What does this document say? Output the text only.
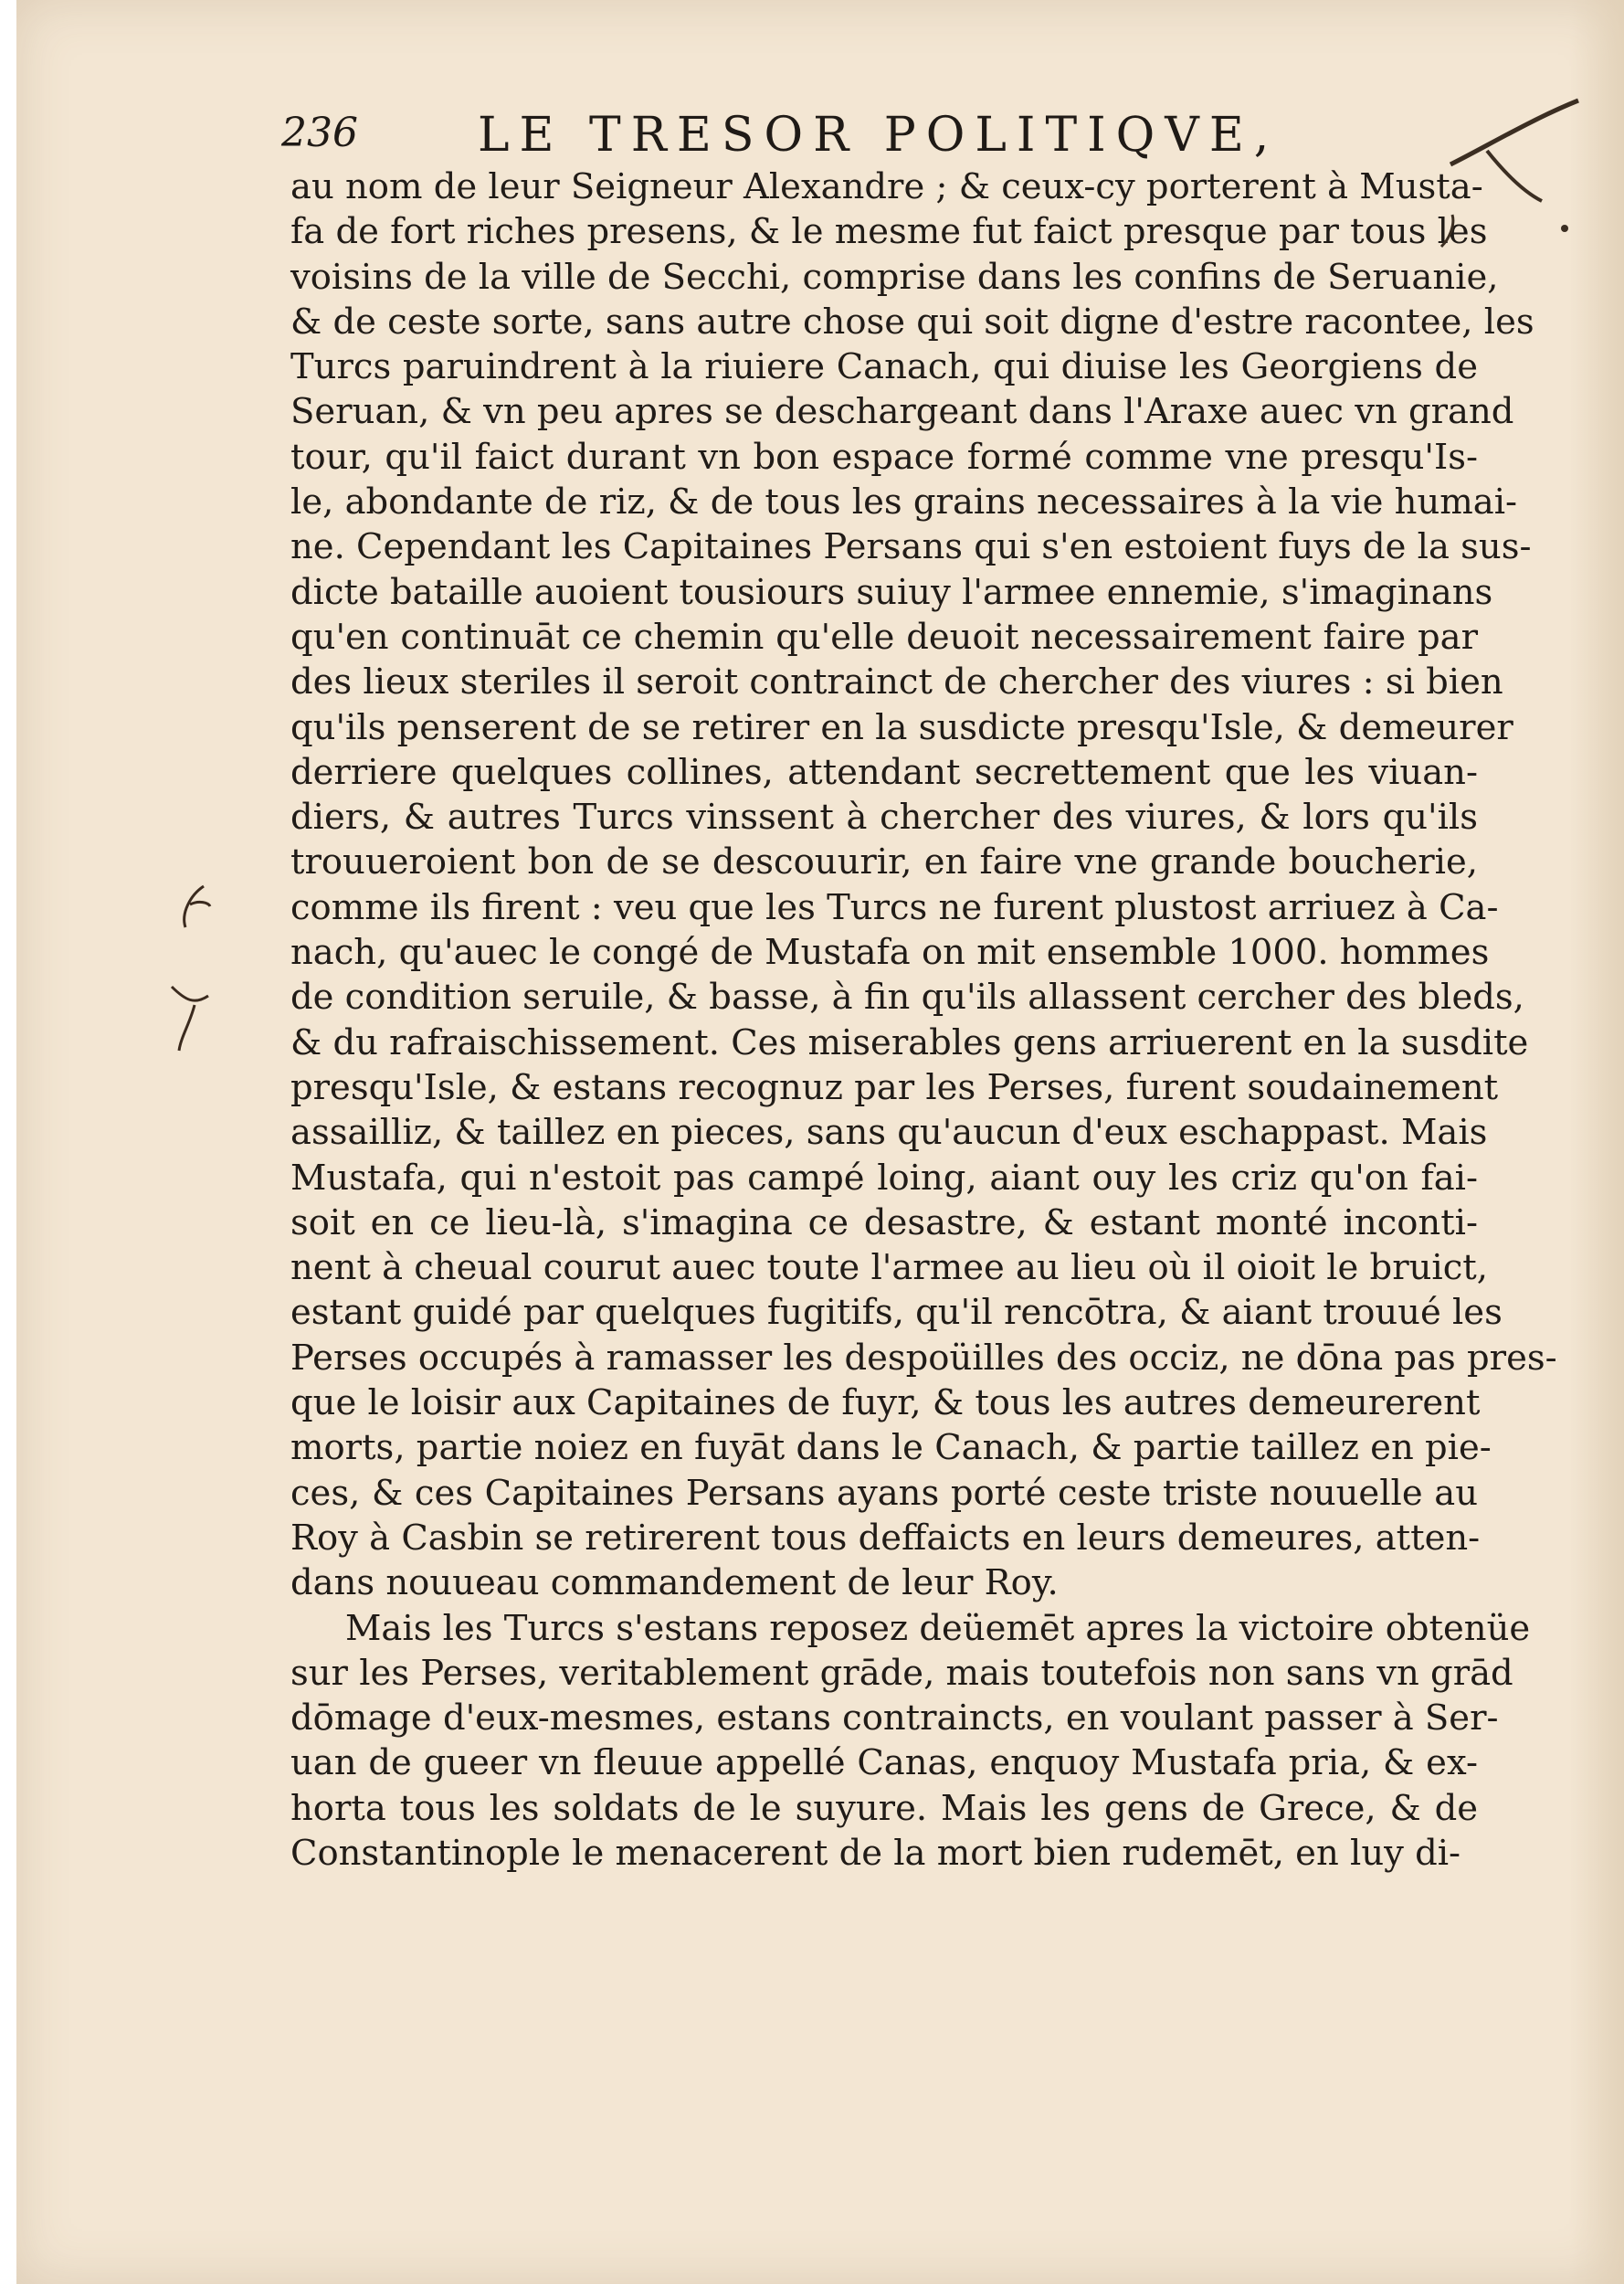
236	LE TRESOR POLITIQVE,
au nom de leur Seigneur Alexandre ; & ceux-cy porterent à Musta-
fa de fort riches presens, & le mesme fut faict presque par tous les
voisins de la ville de Secchi, comprise dans les confins de Seruanie,
& de ceste sorte, sans autre chose qui soit digne d'estre racontee, les
Turcs paruindrent à la riuiere Canach, qui diuise les Georgiens de
Seruan, & vn peu apres se deschargeant dans l'Araxe auec vn grand
tour, qu'il faict durant vn bon espace formé comme vne presqu'Is-
le, abondante de riz, & de tous les grains necessaires à la vie humai-
ne. Cependant les Capitaines Persans qui s'en estoient fuys de la sus-
dicte bataille auoient tousiours suiuy l'armee ennemie, s'imaginans
qu'en continuāt ce chemin qu'elle deuoit necessairement faire par
des lieux steriles il seroit contrainct de chercher des viures : si bien
qu'ils penserent de se retirer en la susdicte presqu'Isle, & demeurer
derriere quelques collines, attendant secrettement que les viuan-
diers, & autres Turcs vinssent à chercher des viures, & lors qu'ils
trouueroient bon de se descouurir, en faire vne grande boucherie,
comme ils firent : veu que les Turcs ne furent plustost arriuez à Ca-
nach, qu'auec le congé de Mustafa on mit ensemble 1000. hommes
de condition seruile, & basse, à fin qu'ils allassent cercher des bleds,
& du rafraischissement. Ces miserables gens arriuerent en la susdite
presqu'Isle, & estans recognuz par les Perses, furent soudainement
assailliz, & taillez en pieces, sans qu'aucun d'eux eschappast. Mais
Mustafa, qui n'estoit pas campé loing, aiant ouy les criz qu'on fai-
soit en ce lieu-là, s'imagina ce desastre, & estant monté inconti-
nent à cheual courut auec toute l'armee au lieu où il oioit le bruict,
estant guidé par quelques fugitifs, qu'il rencōtra, & aiant trouué les
Perses occupés à ramasser les despoüilles des occiz, ne dōna pas pres-
que le loisir aux Capitaines de fuyr, & tous les autres demeurerent
morts, partie noiez en fuyāt dans le Canach, & partie taillez en pie-
ces, & ces Capitaines Persans ayans porté ceste triste nouuelle au
Roy à Casbin se retirerent tous deffaicts en leurs demeures, atten-
dans nouueau commandement de leur Roy.
Mais les Turcs s'estans reposez deüemēt apres la victoire obtenüe
sur les Perses, veritablement grāde, mais toutefois non sans vn grād
dōmage d'eux-mesmes, estans contraincts, en voulant passer à Ser-
uan de gueer vn fleuue appellé Canas, enquoy Mustafa pria, & ex-
horta tous les soldats de le suyure. Mais les gens de Grece, & de
Constantinople le menacerent de la mort bien rudemēt, en luy di-
